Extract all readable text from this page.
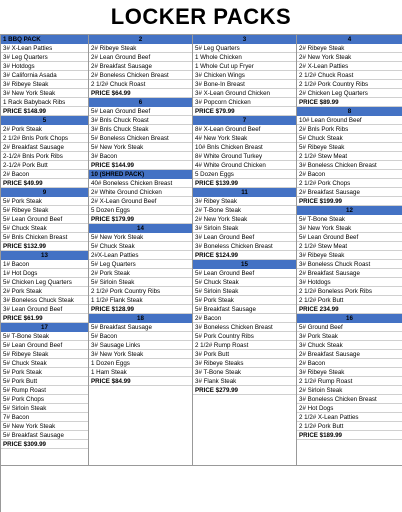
LOCKER PACKS
1 BBQ PACK
3# X-Lean Patties
3# Leg Quarters
3# Hotdogs
3# California Asada
3# Ribeye Steak
3# New York Steak
1 Rack Babyback Ribs
PRICE $148.99
5
2# Pork Steak
2 1/2# Bnls Pork Chops
2# Breakfast Sausage
2-1/2# Bnls Pork Ribs
2-1/2# Pork Butt
2# Bacon
PRICE $49.99
9
5# Pork Steak
5# Ribeye Steak
5# Lean Ground Beef
5# Chuck Steak
5# Bnls Chicken Breast
PRICE $132.99
13
1# Bacon
1# Hot Dogs
5# Chicken Leg Quarters
2# Pork Steak
3# Boneless Chuck Steak
3# Lean Ground Beef
PRICE $61.99
17
5# T-Bone Steak
5# Lean Ground Beef
5# Ribeye Steak
5# Chuck Steak
5# Pork Steak
5# Pork Butt
5# Rump Roast
5# Pork Chops
5# Sirloin Steak
7# Bacon
5# New York Steak
5# Breakfast Sausage
PRICE $309.99
2
2# Ribeye Steak
2# Lean Ground Beef
2# Breakfast Sausage
2# Boneless Chicken Breast
2 1/2# Chuck Roast
PRICE $64.99
6
5# Lean Ground Beef
3# Bnls Chuck Roast
3# Bnls Chuck Steak
5# Boneless Chicken Breast
5# New York Steak
3# Bacon
PRICE $144.99
10 (SHRED PACK)
40# Boneless Chicken Breast
2# White Ground Chicken
2# X-Lean Ground Beef
5 Dozen Eggs
PRICE $179.99
14
5# New York Steak
5# Chuck Steak
2#X-Lean Patties
5# Leg Quarters
2# Pork Steak
5# Sirloin Steak
2 1/2# Pork Country Ribs
1 1/2# Flank Steak
PRICE $128.99
18
5# Breakfast Sausage
5# Bacon
3# Sausage Links
3# New York Steak
1 Dozen Eggs
1 Ham Steak
PRICE $84.99
3
5# Leg Quarters
1 Whole Chicken
1 Whole Cut up Fryer
3# Chicken Wings
3# Bone-In Breast
3# X-Lean Ground Chicken
3# Popcorn Chicken
PRICE $79.99
7
8# X-Lean Ground Beef
4# New York Steak
10# Bnls Chicken Breast
8# White Ground Turkey
4# White Ground Chicken
5 Dozen Eggs
PRICE $139.99
11
3# Ribey Steak
2# T-Bone Steak
2# New York Steak
3# Sirloin Steak
3# Lean Ground Beef
3# Boneless Chicken Breast
PRICE $124.99
15
5# Lean Ground Beef
5# Chuck Steak
5# Sirloin Steak
5# Pork Steak
5# Breakfast Sausage
2# Bacon
3# Boneless Chicken Breast
5# Pork Country Ribs
2 1/2# Rump Roast
3# Pork Butt
3# Ribeye Steaks
3# T-Bone Steak
3# Flank Steak
PRICE $279.99
4
2# Ribeye Steak
2# New York Steak
2# X-Lean Patties
2 1/2# Chuck Roast
2 1/2# Pork Country Ribs
2# Chicken Leg Quarters
PRICE $89.99
8
10# Lean Ground Beef
2# Bnls Pork Ribs
5# Chuck Steak
5# Ribeye Steak
2 1/2# Stew Meat
3# Boneless Chicken Breast
2# Bacon
2 1/2# Pork Chops
2# Breakfast Sausage
PRICE $199.99
12
5# T-Bone Steak
3# New York Steak
5# Lean Ground Beef
2 1/2# Stew Meat
3# Ribeye Steak
3# Boneless Chuck Roast
2# Breakfast Sausage
3# Hotdogs
2 1/2# Boneless Pork Ribs
2 1/2# Pork Butt
PRICE 234.99
16
5# Ground Beef
3# Pork Steak
3# Chuck Steak
2# Breakfast Sausage
2# Bacon
3# Ribeye Steak
2 1/2# Rump Roast
2# Sirloin Steak
3# Boneless Chicken Breast
2# Hot Dogs
2 1/2# X-Lean Patties
2 1/2# Pork Butt
PRICE $189.99
